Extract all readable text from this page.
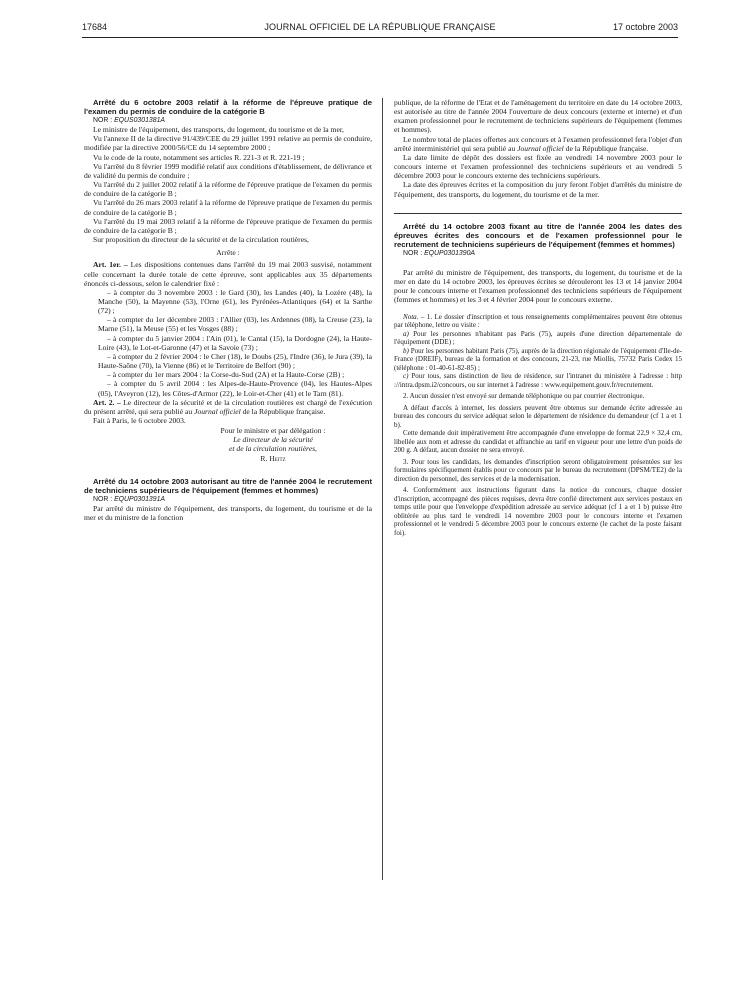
17684	JOURNAL OFFICIEL DE LA RÉPUBLIQUE FRANÇAISE	17 octobre 2003

Arrêté du 6 octobre 2003 relatif à la réforme de l'épreuve pratique de l'examen du permis de conduire de la catégorie B

NOR : EQUS0301381A

Le ministre de l'équipement, des transports, du logement, du tourisme et de la mer,

Vu l'annexe II de la directive 91/439/CEE du 29 juillet 1991 relative au permis de conduire, modifiée par la directive 2000/56/CE du 14 septembre 2000 ;

Vu le code de la route, notamment ses articles R. 221-3 et R. 221-19 ;

Vu l'arrêté du 8 février 1999 modifié relatif aux conditions d'établissement, de délivrance et de validité du permis de conduire ;

Vu l'arrêté du 2 juillet 2002 relatif à la réforme de l'épreuve pratique de l'examen du permis de conduire de la catégorie B ;

Vu l'arrêté du 26 mars 2003 relatif à la réforme de l'épreuve pratique de l'examen du permis de conduire de la catégorie B ;

Vu l'arrêté du 19 mai 2003 relatif à la réforme de l'épreuve pratique de l'examen du permis de conduire de la catégorie B ;

Sur proposition du directeur de la sécurité et de la circulation routières,

Arrête :

Art. 1er. – Les dispositions contenues dans l'arrêté du 19 mai 2003 susvisé, notamment celle concernant la durée totale de cette épreuve, sont applicables aux 35 départements énoncés ci-dessous, selon le calendrier fixé :

– à compter du 3 novembre 2003 : le Gard (30), les Landes (40), la Lozère (48), la Manche (50), la Mayenne (53), l'Orne (61), les Pyrénées-Atlantiques (64) et la Sarthe (72) ;

– à compter du 1er décembre 2003 : l'Allier (03), les Ardennes (08), la Creuse (23), la Marne (51), la Meuse (55) et les Vosges (88) ;

– à compter du 5 janvier 2004 : l'Ain (01), le Cantal (15), la Dordogne (24), la Haute-Loire (43), le Lot-et-Garonne (47) et la Savoie (73) ;

– à compter du 2 février 2004 : le Cher (18), le Doubs (25), l'Indre (36), le Jura (39), la Haute-Saône (70), la Vienne (86) et le Territoire de Belfort (90) ;

– à compter du 1er mars 2004 : la Corse-du-Sud (2A) et la Haute-Corse (2B) ;

– à compter du 5 avril 2004 : les Alpes-de-Haute-Provence (04), les Hautes-Alpes (05), l'Aveyron (12), les Côtes-d'Armor (22), le Loir-et-Cher (41) et le Tarn (81).

Art. 2. – Le directeur de la sécurité et de la circulation routières est chargé de l'exécution du présent arrêté, qui sera publié au Journal officiel de la République française.

Fait à Paris, le 6 octobre 2003.

Pour le ministre et par délégation :
Le directeur de la sécurité
et de la circulation routières,
R. Heitz

Arrêté du 14 octobre 2003 autorisant au titre de l'année 2004 le recrutement de techniciens supérieurs de l'équipement (femmes et hommes)

NOR : EQUP0301391A

Par arrêté du ministre de l'équipement, des transports, du logement, du tourisme et de la mer et du ministre de la fonction

publique, de la réforme de l'Etat et de l'aménagement du territoire en date du 14 octobre 2003, est autorisée au titre de l'année 2004 l'ouverture de deux concours (externe et interne) et d'un examen professionnel pour le recrutement de techniciens supérieurs de l'équipement (femmes et hommes).

Le nombre total de places offertes aux concours et à l'examen professionnel fera l'objet d'un arrêté interministériel qui sera publié au Journal officiel de la République française.

La date limite de dépôt des dossiers est fixée au vendredi 14 novembre 2003 pour le concours interne et l'examen professionnel des techniciens supérieurs et au vendredi 5 décembre 2003 pour le concours externe des techniciens supérieurs.

La date des épreuves écrites et la composition du jury feront l'objet d'arrêtés du ministre de l'équipement, des transports, du logement, du tourisme et de la mer.

Arrêté du 14 octobre 2003 fixant au titre de l'année 2004 les dates des épreuves écrites des concours et de l'examen professionnel pour le recrutement de techniciens supérieurs de l'équipement (femmes et hommes)

NOR : EQUP0301390A

Par arrêté du ministre de l'équipement, des transports, du logement, du tourisme et de la mer en date du 14 octobre 2003, les épreuves écrites se dérouleront les 13 et 14 janvier 2004 pour le concours interne et l'examen professionnel des techniciens supérieurs de l'équipement (femmes et hommes) et les 3 et 4 février 2004 pour le concours externe.

Nota. – 1. Le dossier d'inscription et tous renseignements complémentaires peuvent être obtenus par téléphone, lettre ou visite :

a) Pour les personnes n'habitant pas Paris (75), auprès d'une direction départementale de l'équipement (DDE) ;

b) Pour les personnes habitant Paris (75), auprès de la direction régionale de l'équipement d'Ile-de-France (DREIF), bureau de la formation et des concours, 21-23, rue Miollis, 75732 Paris Cedex 15 (téléphone : 01-40-61-82-85) ;

c) Pour tous, sans distinction de lieu de résidence, sur l'intranet du ministère à l'adresse : http ://intra.dpsm.i2/concours, ou sur internet à l'adresse : www.equipement.gouv.fr/recrutement.

2. Aucun dossier n'est envoyé sur demande téléphonique ou par courrier électronique.

A défaut d'accès à internet, les dossiers peuvent être obtenus sur demande écrite adressée au bureau des concours du service adéquat selon le département de résidence du demandeur (cf 1 a et 1 b).

Cette demande doit impérativement être accompagnée d'une enveloppe de format 22,9 × 32,4 cm, libellée aux nom et adresse du candidat et affranchie au tarif en vigueur pour une lettre d'un poids de 200 g. A défaut, aucun dossier ne sera envoyé.

3. Pour tous les candidats, les demandes d'inscription seront obligatoirement présentées sur les formulaires spécifiquement établis pour ce concours par le bureau du recrutement (DPSM/TE2) de la direction du personnel, des services et de la modernisation.

4. Conformément aux instructions figurant dans la notice du concours, chaque dossier d'inscription, accompagné des pièces requises, devra être confié directement aux services postaux en temps utile pour que l'enveloppe d'expédition adressée au service adéquat (cf 1 a et 1 b) puisse être oblitérée au plus tard le vendredi 14 novembre 2003 pour le concours interne et l'examen professionnel et le vendredi 5 décembre 2003 pour le concours externe (le cachet de la poste faisant foi).
